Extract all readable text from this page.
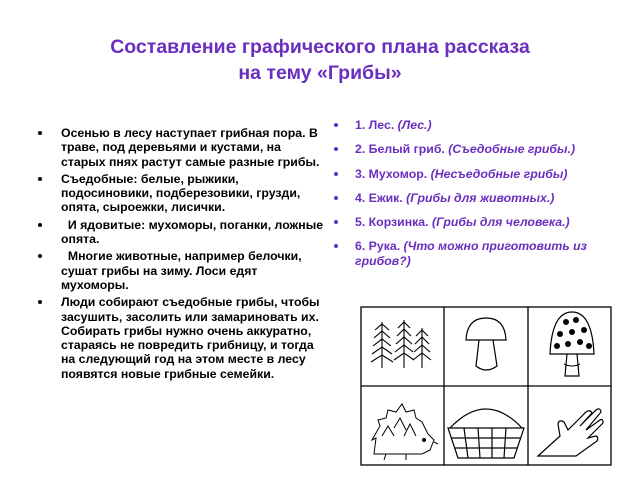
Составление графического плана рассказа
на тему «Грибы»
Осенью в лесу наступает грибная пора. В траве, под деревьями и кустами, на старых пнях растут самые разные грибы.
Съедобные: белые, рыжики, подосиновики, подберезовики, грузди, опята, сыроежки, лисички.
И ядовитые: мухоморы, поганки, ложные опята.
Многие животные, например белочки, сушат грибы на зиму. Лоси едят мухоморы.
Люди собирают съедобные грибы, чтобы засушить, засолить или замариновать их. Собирать грибы нужно очень аккуратно, стараясь не повредить грибницу, и тогда на следующий год на этом месте в лесу появятся новые грибные семейки.
1. Лес. (Лес.)
2. Белый гриб. (Съедобные грибы.)
3. Мухомор. (Несъедобные грибы)
4. Ежик. (Грибы для животных.)
5. Корзинка. (Грибы для человека.)
6. Рука. (Что можно приготовить из грибов?)
